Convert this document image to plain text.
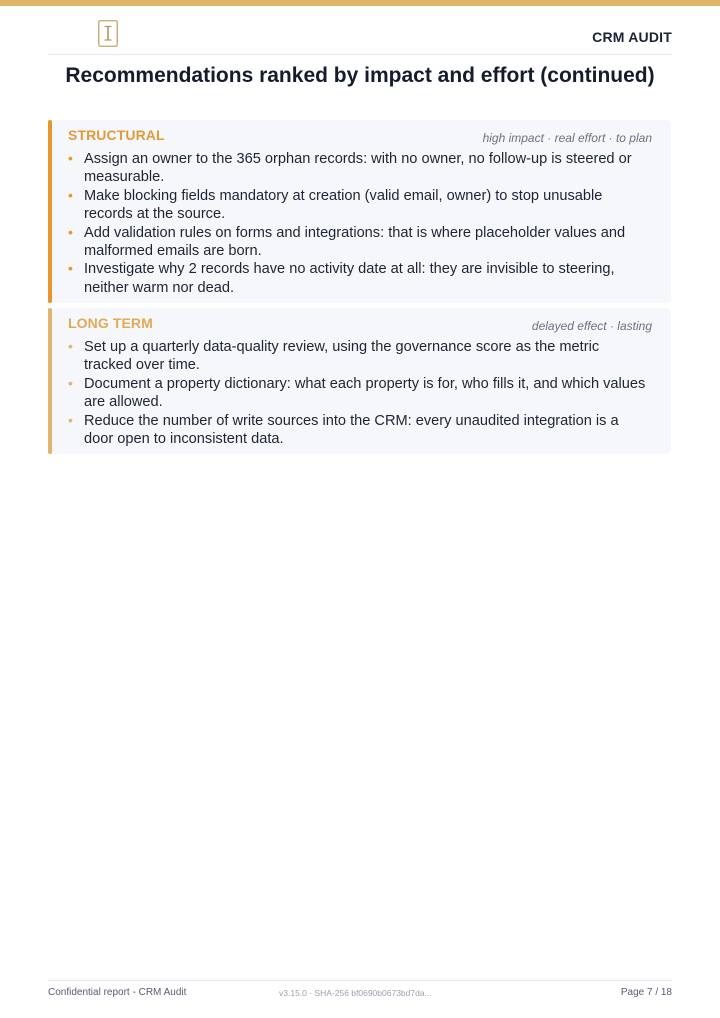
CRM AUDIT
Recommendations ranked by impact and effort (continued)
STRUCTURAL	high impact · real effort · to plan
• Assign an owner to the 365 orphan records: with no owner, no follow-up is steered or measurable.
• Make blocking fields mandatory at creation (valid email, owner) to stop unusable records at the source.
• Add validation rules on forms and integrations: that is where placeholder values and malformed emails are born.
• Investigate why 2 records have no activity date at all: they are invisible to steering, neither warm nor dead.
LONG TERM	delayed effect · lasting
• Set up a quarterly data-quality review, using the governance score as the metric tracked over time.
• Document a property dictionary: what each property is for, who fills it, and which values are allowed.
• Reduce the number of write sources into the CRM: every unaudited integration is a door open to inconsistent data.
Confidential report - CRM Audit	v3.15.0 · SHA-256 bf0690b0673bd7da...	Page 7 / 18
